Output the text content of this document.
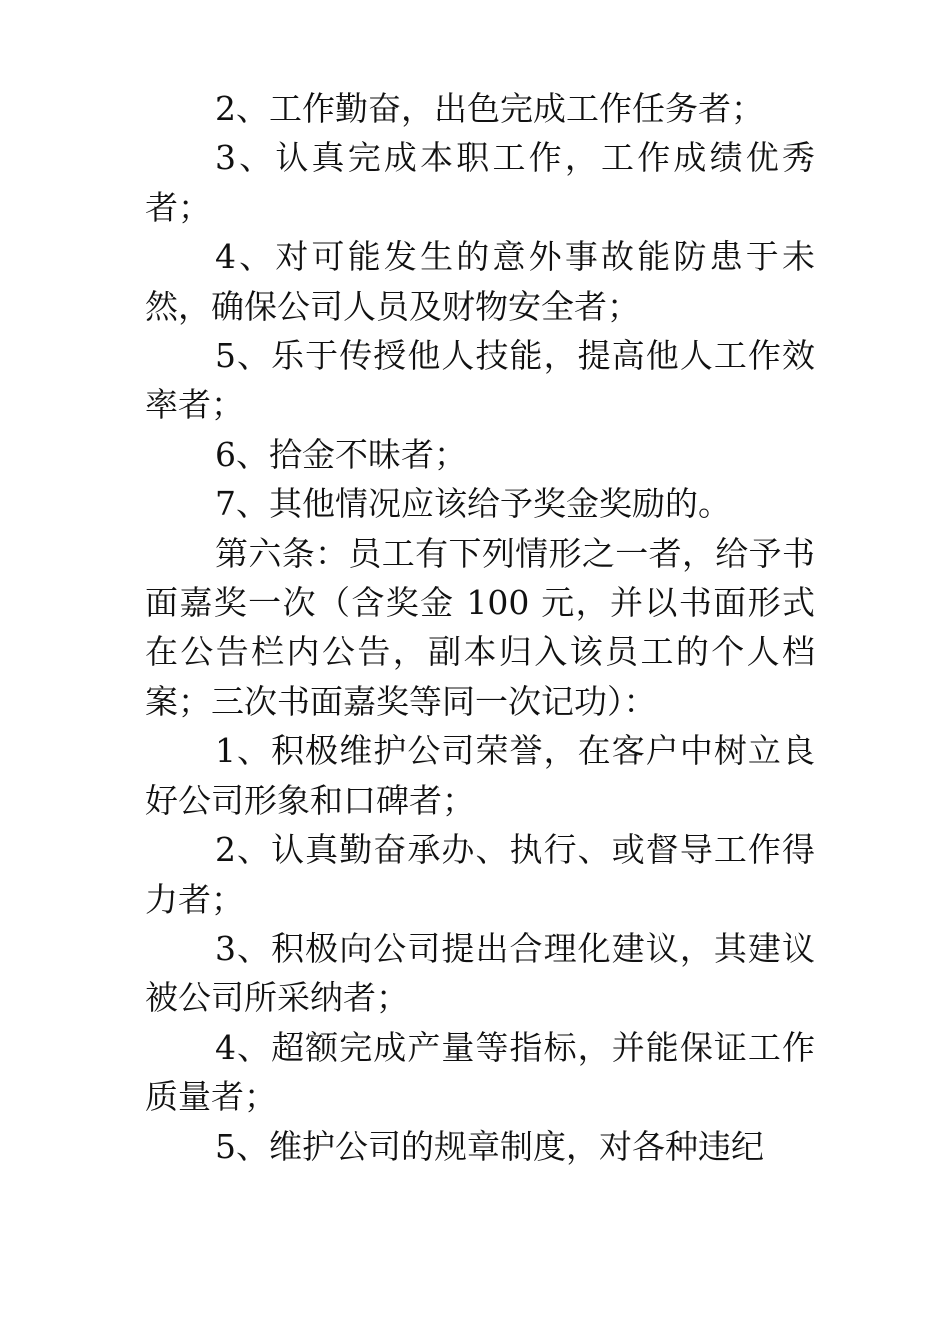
2、工作勤奋，出色完成工作任务者；

3、认真完成本职工作，工作成绩优秀者；

4、对可能发生的意外事故能防患于未然，确保公司人员及财物安全者；

5、乐于传授他人技能，提高他人工作效率者；

6、拾金不昧者；

7、其他情况应该给予奖金奖励的。

第六条：员工有下列情形之一者，给予书面嘉奖一次（含奖金 100 元，并以书面形式在公告栏内公告，副本归入该员工的个人档案；三次书面嘉奖等同一次记功）：

1、积极维护公司荣誉，在客户中树立良好公司形象和口碑者；

2、认真勤奋承办、执行、或督导工作得力者；

3、积极向公司提出合理化建议，其建议被公司所采纳者；

4、超额完成产量等指标，并能保证工作质量者；

5、维护公司的规章制度，对各种违纪
